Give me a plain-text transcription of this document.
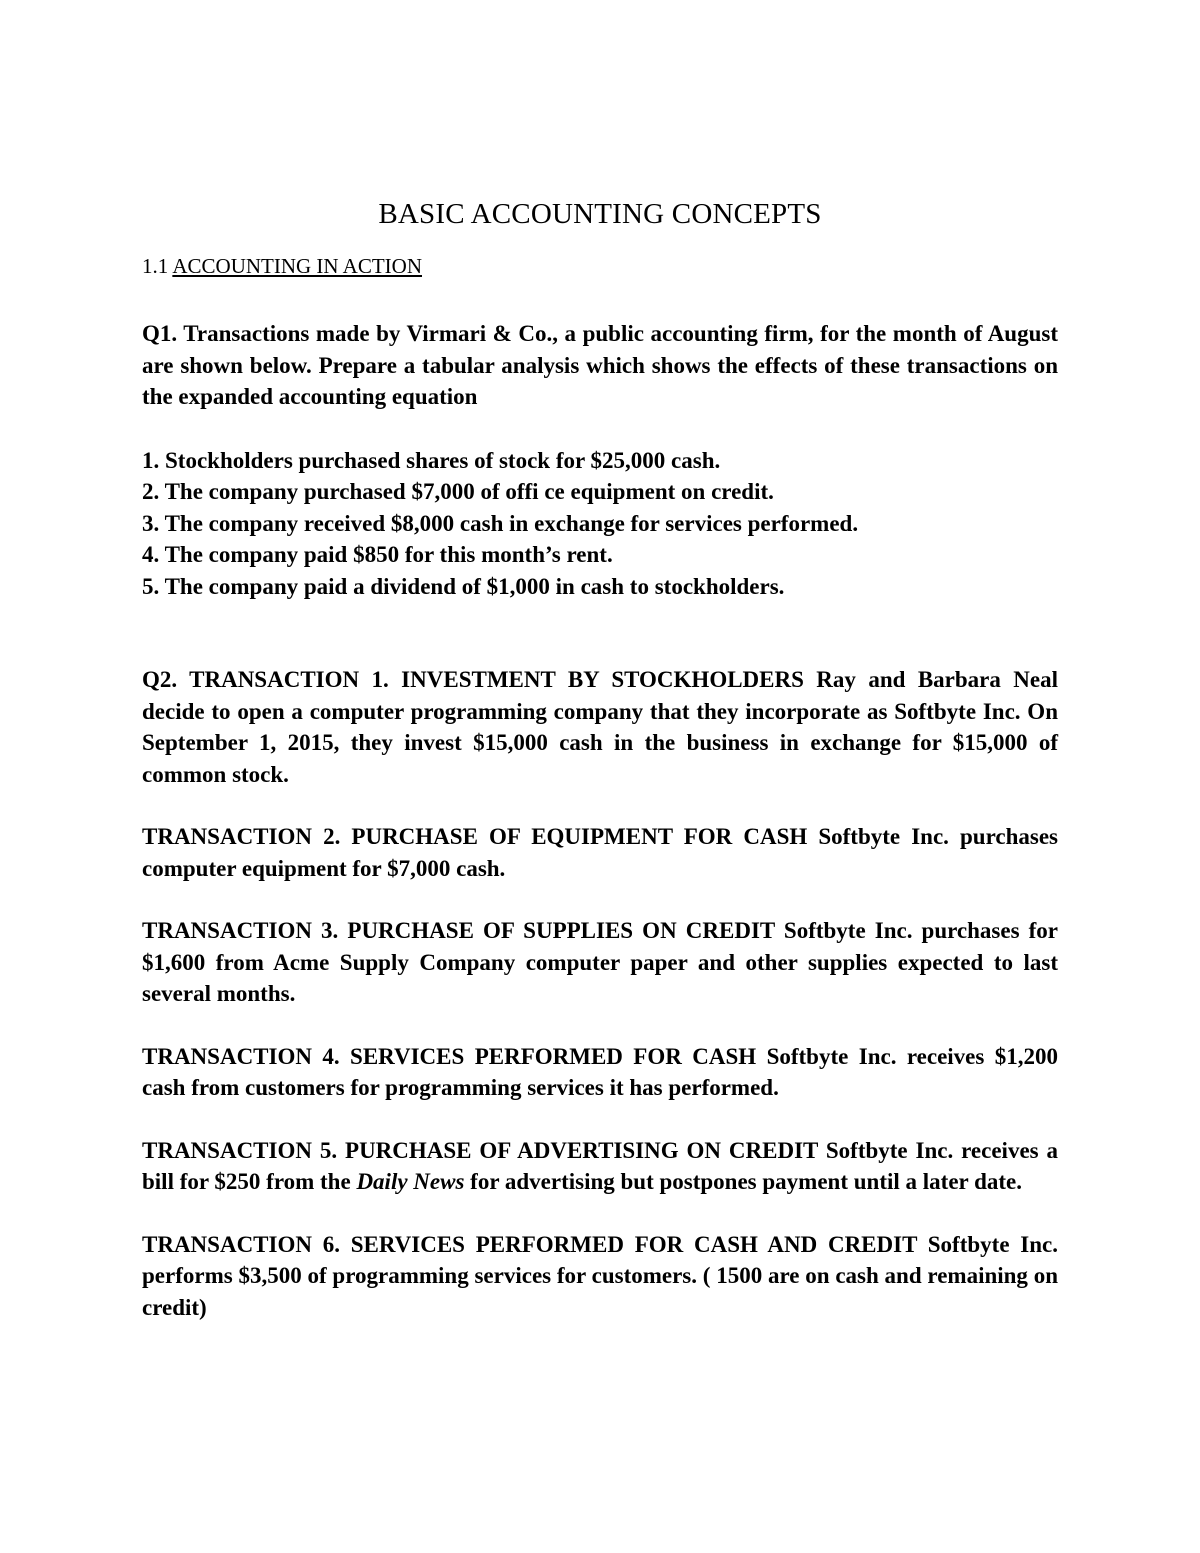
BASIC ACCOUNTING CONCEPTS
1.1 ACCOUNTING IN ACTION

Q1. Transactions made by Virmari & Co., a public accounting firm, for the month of August are shown below. Prepare a tabular analysis which shows the effects of these transactions on the expanded accounting equation

1. Stockholders purchased shares of stock for $25,000 cash.
2. The company purchased $7,000 of offi ce equipment on credit.
3. The company received $8,000 cash in exchange for services performed.
4. The company paid $850 for this month’s rent.
5. The company paid a dividend of $1,000 in cash to stockholders.

Q2. TRANSACTION 1. INVESTMENT BY STOCKHOLDERS Ray and Barbara Neal decide to open a computer programming company that they incorporate as Softbyte Inc. On September 1, 2015, they invest $15,000 cash in the business in exchange for $15,000 of common stock.

TRANSACTION 2. PURCHASE OF EQUIPMENT FOR CASH Softbyte Inc. purchases computer equipment for $7,000 cash.

TRANSACTION 3. PURCHASE OF SUPPLIES ON CREDIT Softbyte Inc. purchases for $1,600 from Acme Supply Company computer paper and other supplies expected to last several months.

TRANSACTION 4. SERVICES PERFORMED FOR CASH Softbyte Inc. receives $1,200 cash from customers for programming services it has performed.

TRANSACTION 5. PURCHASE OF ADVERTISING ON CREDIT Softbyte Inc. receives a bill for $250 from the Daily News for advertising but postpones payment until a later date.

TRANSACTION 6. SERVICES PERFORMED FOR CASH AND CREDIT Softbyte Inc. performs $3,500 of programming services for customers. ( 1500 are on cash and remaining on credit)
